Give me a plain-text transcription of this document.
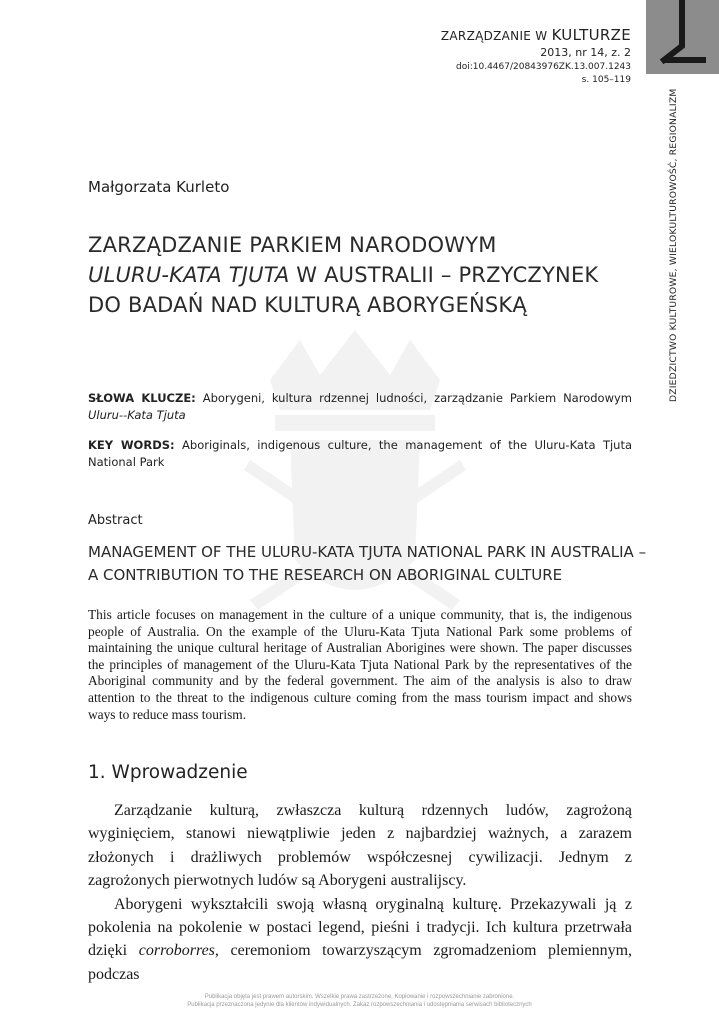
ZARZĄDZANIE W KULTURZE
2013, nr 14, z. 2
doi:10.4467/20843976ZK.13.007.1243
s. 105–119
DZIEDZICTWO KULTUROWE, WIELOKULTUROWOŚĆ, REGIONALIZM
Małgorzata Kurleto
ZARZĄDZANIE PARKIEM NARODOWYM
ULURU-KATA TJUTA W AUSTRALII – PRZYCZYNEK
DO BADAŃ NAD KULTURĄ ABORYGEŃSKĄ
SŁOWA KLUCZE: Aborygeni, kultura rdzennej ludności, zarządzanie Parkiem Narodowym Uluru--Kata Tjuta
KEY WORDS: Aboriginals, indigenous culture, the management of the Uluru-Kata Tjuta National Park
Abstract
MANAGEMENT OF THE ULURU-KATA TJUTA NATIONAL PARK IN AUSTRALIA – A CONTRIBUTION TO THE RESEARCH ON ABORIGINAL CULTURE
This article focuses on management in the culture of a unique community, that is, the indigenous people of Australia. On the example of the Uluru-Kata Tjuta National Park some problems of maintaining the unique cultural heritage of Australian Aborigines were shown. The paper discusses the principles of management of the Uluru-Kata Tjuta National Park by the representatives of the Aboriginal community and by the federal government. The aim of the analysis is also to draw attention to the threat to the indigenous culture coming from the mass tourism impact and shows ways to reduce mass tourism.
1. Wprowadzenie

Zarządzanie kulturą, zwłaszcza kulturą rdzennych ludów, zagrożoną wyginięciem, stanowi niewątpliwie jeden z najbardziej ważnych, a zarazem złożonych i drażliwych problemów współczesnej cywilizacji. Jednym z zagrożonych pierwotnych ludów są Aborygeni australijscy.

Aborygeni wykształcili swoją własną oryginalną kulturę. Przekazywali ją z pokolenia na pokolenie w postaci legend, pieśni i tradycji. Ich kultura przetrwała dzięki corroborres, ceremoniom towarzyszącym zgromadzeniom plemiennym, podczas

Publikacja objęta jest prawem autorskim. Wszelkie prawa zastrzeżone. Kopiowanie i rozpowszechnianie zabronione.
Publikacja przeznaczona jedynie dla klientów indywidualnych. Zakaz rozpowszechniania i udostępniania serwisach bibliotecznych
